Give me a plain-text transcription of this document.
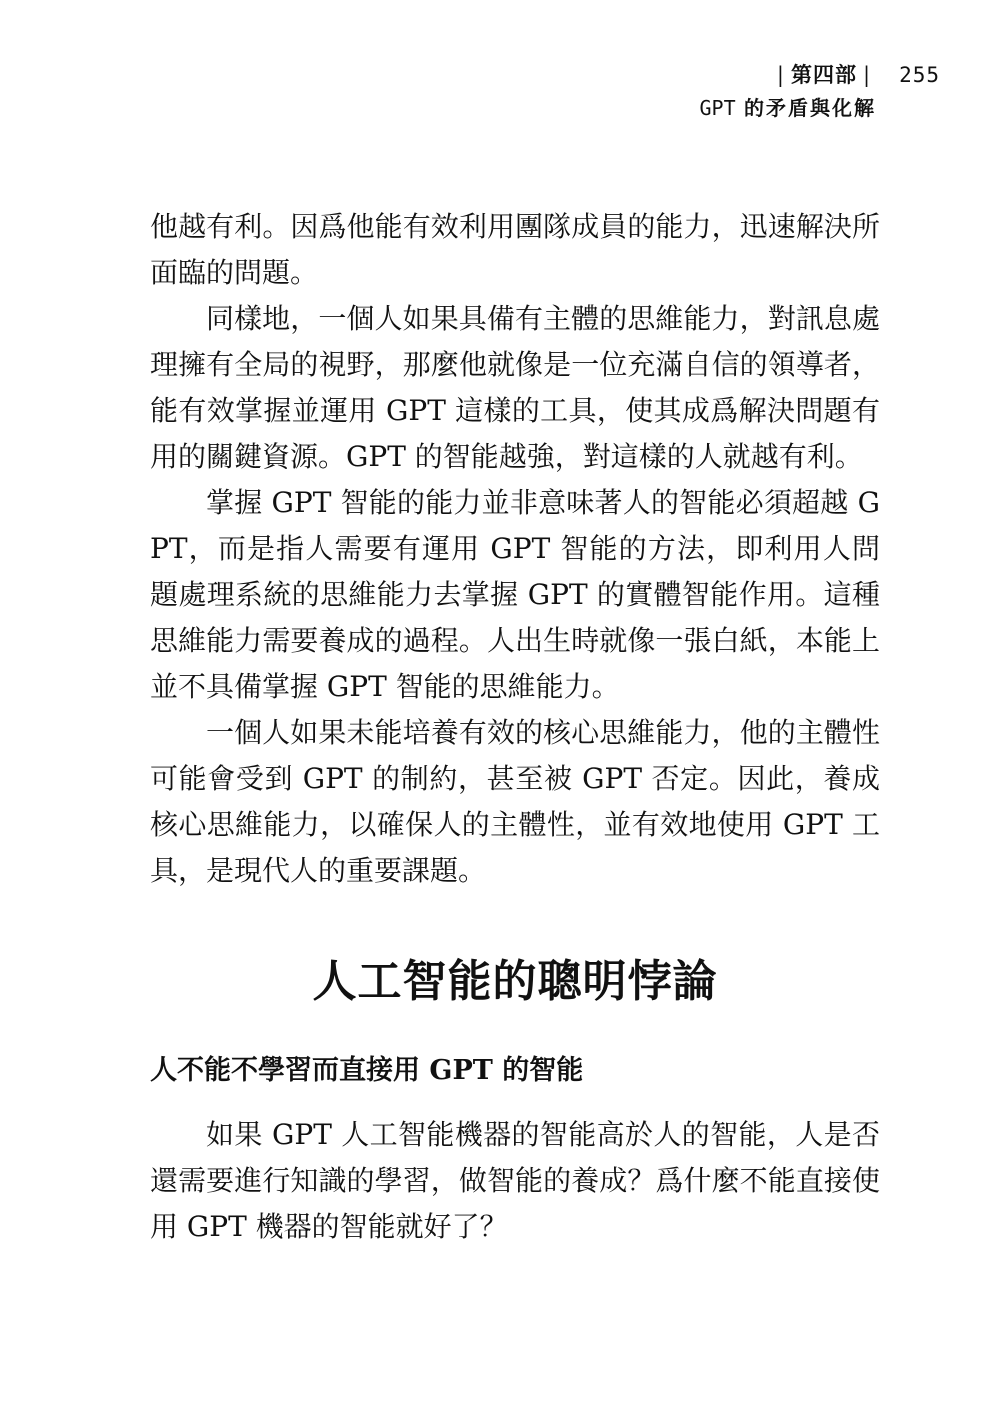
| 第四部 | 255
GPT 的矛盾與化解

他越有利。因爲他能有效利用團隊成員的能力，迅速解決所面臨的問題。

同樣地，一個人如果具備有主體的思維能力，對訊息處理擁有全局的視野，那麼他就像是一位充滿自信的領導者，能有效掌握並運用 GPT 這樣的工具，使其成爲解決問題有用的關鍵資源。GPT 的智能越強，對這樣的人就越有利。

掌握 GPT 智能的能力並非意味著人的智能必須超越 GPT，而是指人需要有運用 GPT 智能的方法，即利用人問題處理系統的思維能力去掌握 GPT 的實體智能作用。這種思維能力需要養成的過程。人出生時就像一張白紙，本能上並不具備掌握 GPT 智能的思維能力。

一個人如果未能培養有效的核心思維能力，他的主體性可能會受到 GPT 的制約，甚至被 GPT 否定。因此，養成核心思維能力，以確保人的主體性，並有效地使用 GPT 工具，是現代人的重要課題。

人工智能的聰明悖論
人不能不學習而直接用 GPT 的智能

如果 GPT 人工智能機器的智能高於人的智能，人是否還需要進行知識的學習，做智能的養成？爲什麼不能直接使用 GPT 機器的智能就好了？
